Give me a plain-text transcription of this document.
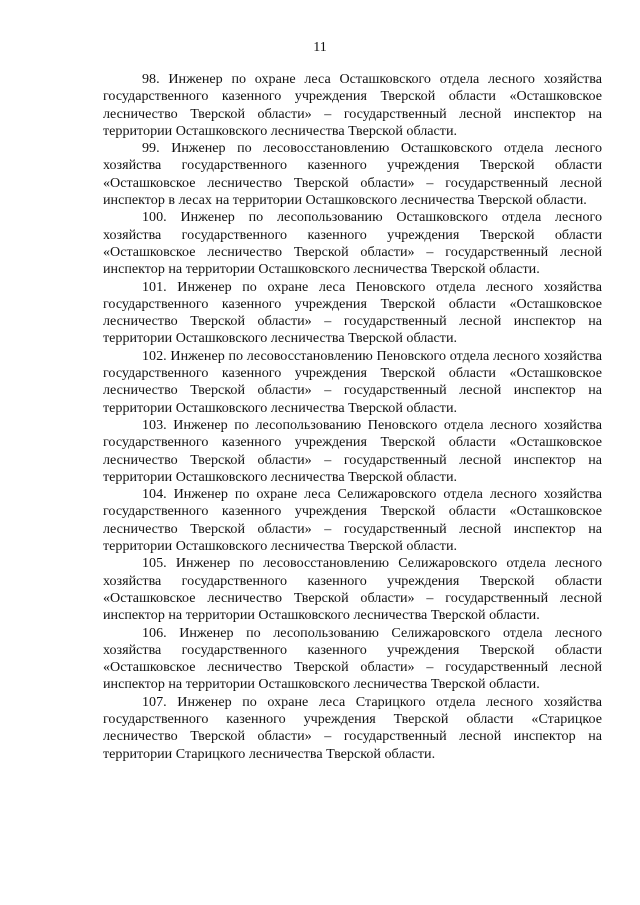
11

98. Инженер по охране леса Осташковского отдела лесного хозяйства государственного казенного учреждения Тверской области «Осташковское лесничество Тверской области» – государственный лесной инспектор на территории Осташковского лесничества Тверской области.

99. Инженер по лесовосстановлению Осташковского отдела лесного хозяйства государственного казенного учреждения Тверской области «Осташковское лесничество Тверской области» – государственный лесной инспектор в лесах на территории Осташковского лесничества Тверской области.

100. Инженер по лесопользованию Осташковского отдела лесного хозяйства государственного казенного учреждения Тверской области «Осташковское лесничество Тверской области» – государственный лесной инспектор на территории Осташковского лесничества Тверской области.

101. Инженер по охране леса Пеновского отдела лесного хозяйства государственного казенного учреждения Тверской области «Осташковское лесничество Тверской области» – государственный лесной инспектор на территории Осташковского лесничества Тверской области.

102. Инженер по лесовосстановлению Пеновского отдела лесного хозяйства государственного казенного учреждения Тверской области «Осташковское лесничество Тверской области» – государственный лесной инспектор на территории Осташковского лесничества Тверской области.

103. Инженер по лесопользованию Пеновского отдела лесного хозяйства государственного казенного учреждения Тверской области «Осташковское лесничество Тверской области» – государственный лесной инспектор на территории Осташковского лесничества Тверской области.

104. Инженер по охране леса Селижаровского отдела лесного хозяйства государственного казенного учреждения Тверской области «Осташковское лесничество Тверской области» – государственный лесной инспектор на территории Осташковского лесничества Тверской области.

105. Инженер по лесовосстановлению Селижаровского отдела лесного хозяйства государственного казенного учреждения Тверской области «Осташковское лесничество Тверской области» – государственный лесной инспектор на территории Осташковского лесничества Тверской области.

106. Инженер по лесопользованию Селижаровского отдела лесного хозяйства государственного казенного учреждения Тверской области «Осташковское лесничество Тверской области» – государственный лесной инспектор на территории Осташковского лесничества Тверской области.

107. Инженер по охране леса Старицкого отдела лесного хозяйства государственного казенного учреждения Тверской области «Старицкое лесничество Тверской области» – государственный лесной инспектор на территории Старицкого лесничества Тверской области.
